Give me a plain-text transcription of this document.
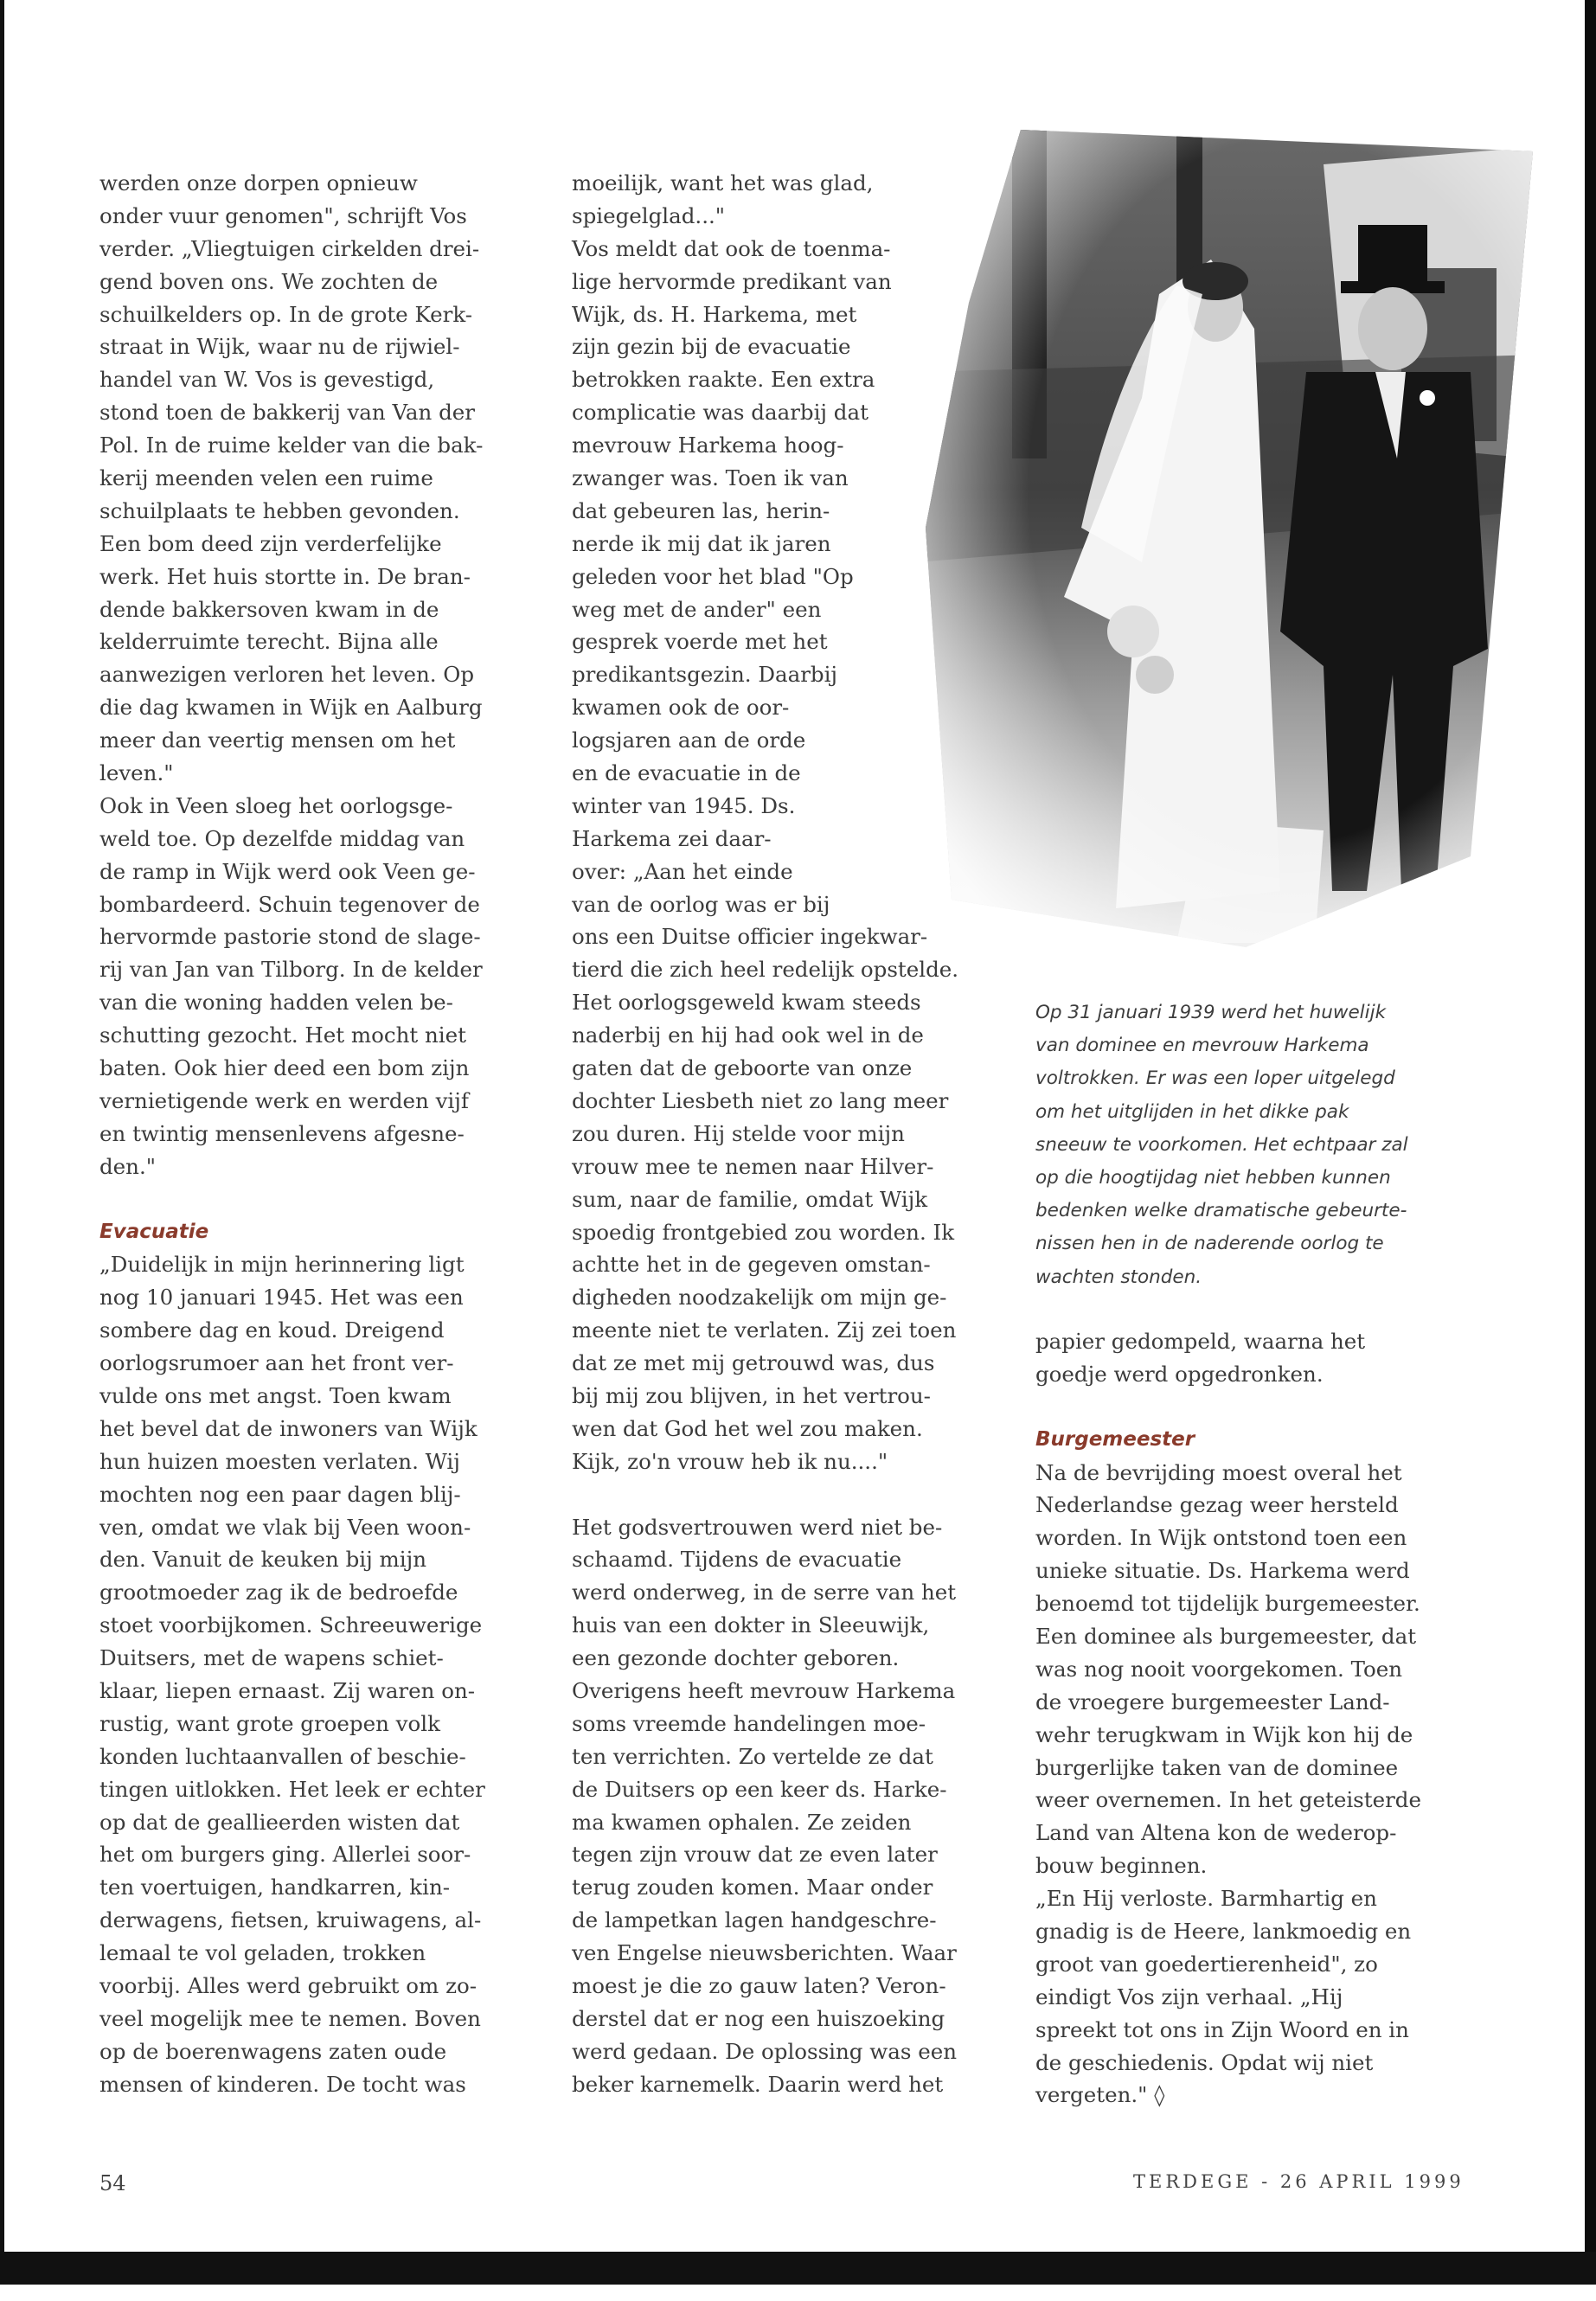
werden onze dorpen opnieuw
onder vuur genomen", schrijft Vos
verder. „Vliegtuigen cirkelden drei-
gend boven ons. We zochten de
schuilkelders op. In de grote Kerk-
straat in Wijk, waar nu de rijwiel-
handel van W. Vos is gevestigd,
stond toen de bakkerij van Van der
Pol. In de ruime kelder van die bak-
kerij meenden velen een ruime
schuilplaats te hebben gevonden.
Een bom deed zijn verderfelijke
werk. Het huis stortte in. De bran-
dende bakkersoven kwam in de
kelderruimte terecht. Bijna alle
aanwezigen verloren het leven. Op
die dag kwamen in Wijk en Aalburg
meer dan veertig mensen om het
leven."
Ook in Veen sloeg het oorlogsge-
weld toe. Op dezelfde middag van
de ramp in Wijk werd ook Veen ge-
bombardeerd. Schuin tegenover de
hervormde pastorie stond de slage-
rij van Jan van Tilborg. In de kelder
van die woning hadden velen be-
schutting gezocht. Het mocht niet
baten. Ook hier deed een bom zijn
vernietigende werk en werden vijf
en twintig mensenlevens afgesne-
den."
Evacuatie
„Duidelijk in mijn herinnering ligt
nog 10 januari 1945. Het was een
sombere dag en koud. Dreigend
oorlogsrumoer aan het front ver-
vulde ons met angst. Toen kwam
het bevel dat de inwoners van Wijk
hun huizen moesten verlaten. Wij
mochten nog een paar dagen blij-
ven, omdat we vlak bij Veen woon-
den. Vanuit de keuken bij mijn
grootmoeder zag ik de bedroefde
stoet voorbijkomen. Schreeuwerige
Duitsers, met de wapens schiet-
klaar, liepen ernaast. Zij waren on-
rustig, want grote groepen volk
konden luchtaanvallen of beschie-
tingen uitlokken. Het leek er echter
op dat de geallieerden wisten dat
het om burgers ging. Allerlei soor-
ten voertuigen, handkarren, kin-
derwagens, fietsen, kruiwagens, al-
lemaal te vol geladen, trokken
voorbij. Alles werd gebruikt om zo-
veel mogelijk mee te nemen. Boven
op de boerenwagens zaten oude
mensen of kinderen. De tocht was
moeilijk, want het was glad,
spiegelglad..."
Vos meldt dat ook de toenma-
lige hervormde predikant van
Wijk, ds. H. Harkema, met
zijn gezin bij de evacuatie
betrokken raakte. Een extra
complicatie was daarbij dat
mevrouw Harkema hoog-
zwanger was. Toen ik van
dat gebeuren las, herin-
nerde ik mij dat ik jaren
geleden voor het blad "Op
weg met de ander" een
gesprek voerde met het
predikantsgezin. Daarbij
kwamen ook de oor-
logsjaren aan de orde
en de evacuatie in de
winter van 1945. Ds.
Harkema zei daar-
over: „Aan het einde
van de oorlog was er bij
ons een Duitse officier ingekwar-
tierd die zich heel redelijk opstelde.
Het oorlogsgeweld kwam steeds
naderbij en hij had ook wel in de
gaten dat de geboorte van onze
dochter Liesbeth niet zo lang meer
zou duren. Hij stelde voor mijn
vrouw mee te nemen naar Hilver-
sum, naar de familie, omdat Wijk
spoedig frontgebied zou worden. Ik
achtte het in de gegeven omstan-
digheden noodzakelijk om mijn ge-
meente niet te verlaten. Zij zei toen
dat ze met mij getrouwd was, dus
bij mij zou blijven, in het vertrou-
wen dat God het wel zou maken.
Kijk, zo'n vrouw heb ik nu...."
Het godsvertrouwen werd niet be-
schaamd. Tijdens de evacuatie
werd onderweg, in de serre van het
huis van een dokter in Sleeuwijk,
een gezonde dochter geboren.
Overigens heeft mevrouw Harkema
soms vreemde handelingen moe-
ten verrichten. Zo vertelde ze dat
de Duitsers op een keer ds. Harke-
ma kwamen ophalen. Ze zeiden
tegen zijn vrouw dat ze even later
terug zouden komen. Maar onder
de lampetkan lagen handgeschre-
ven Engelse nieuwsberichten. Waar
moest je die zo gauw laten? Veron-
derstel dat er nog een huiszoeking
werd gedaan. De oplossing was een
beker karnemelk. Daarin werd het
Op 31 januari 1939 werd het huwelijk
van dominee en mevrouw Harkema
voltrokken. Er was een loper uitgelegd
om het uitglijden in het dikke pak
sneeuw te voorkomen. Het echtpaar zal
op die hoogtijdag niet hebben kunnen
bedenken welke dramatische gebeurte-
nissen hen in de naderende oorlog te
wachten stonden.
papier gedompeld, waarna het
goedje werd opgedronken.
Burgemeester
Na de bevrijding moest overal het
Nederlandse gezag weer hersteld
worden. In Wijk ontstond toen een
unieke situatie. Ds. Harkema werd
benoemd tot tijdelijk burgemeester.
Een dominee als burgemeester, dat
was nog nooit voorgekomen. Toen
de vroegere burgemeester Land-
wehr terugkwam in Wijk kon hij de
burgerlijke taken van de dominee
weer overnemen. In het geteisterde
Land van Altena kon de wederop-
bouw beginnen.
„En Hij verloste. Barmhartig en
gnadig is de Heere, lankmoedig en
groot van goedertierenheid", zo
eindigt Vos zijn verhaal. „Hij
spreekt tot ons in Zijn Woord en in
de geschiedenis. Opdat wij niet
vergeten." ◊
54	TERDEGE - 26 APRIL 1999
